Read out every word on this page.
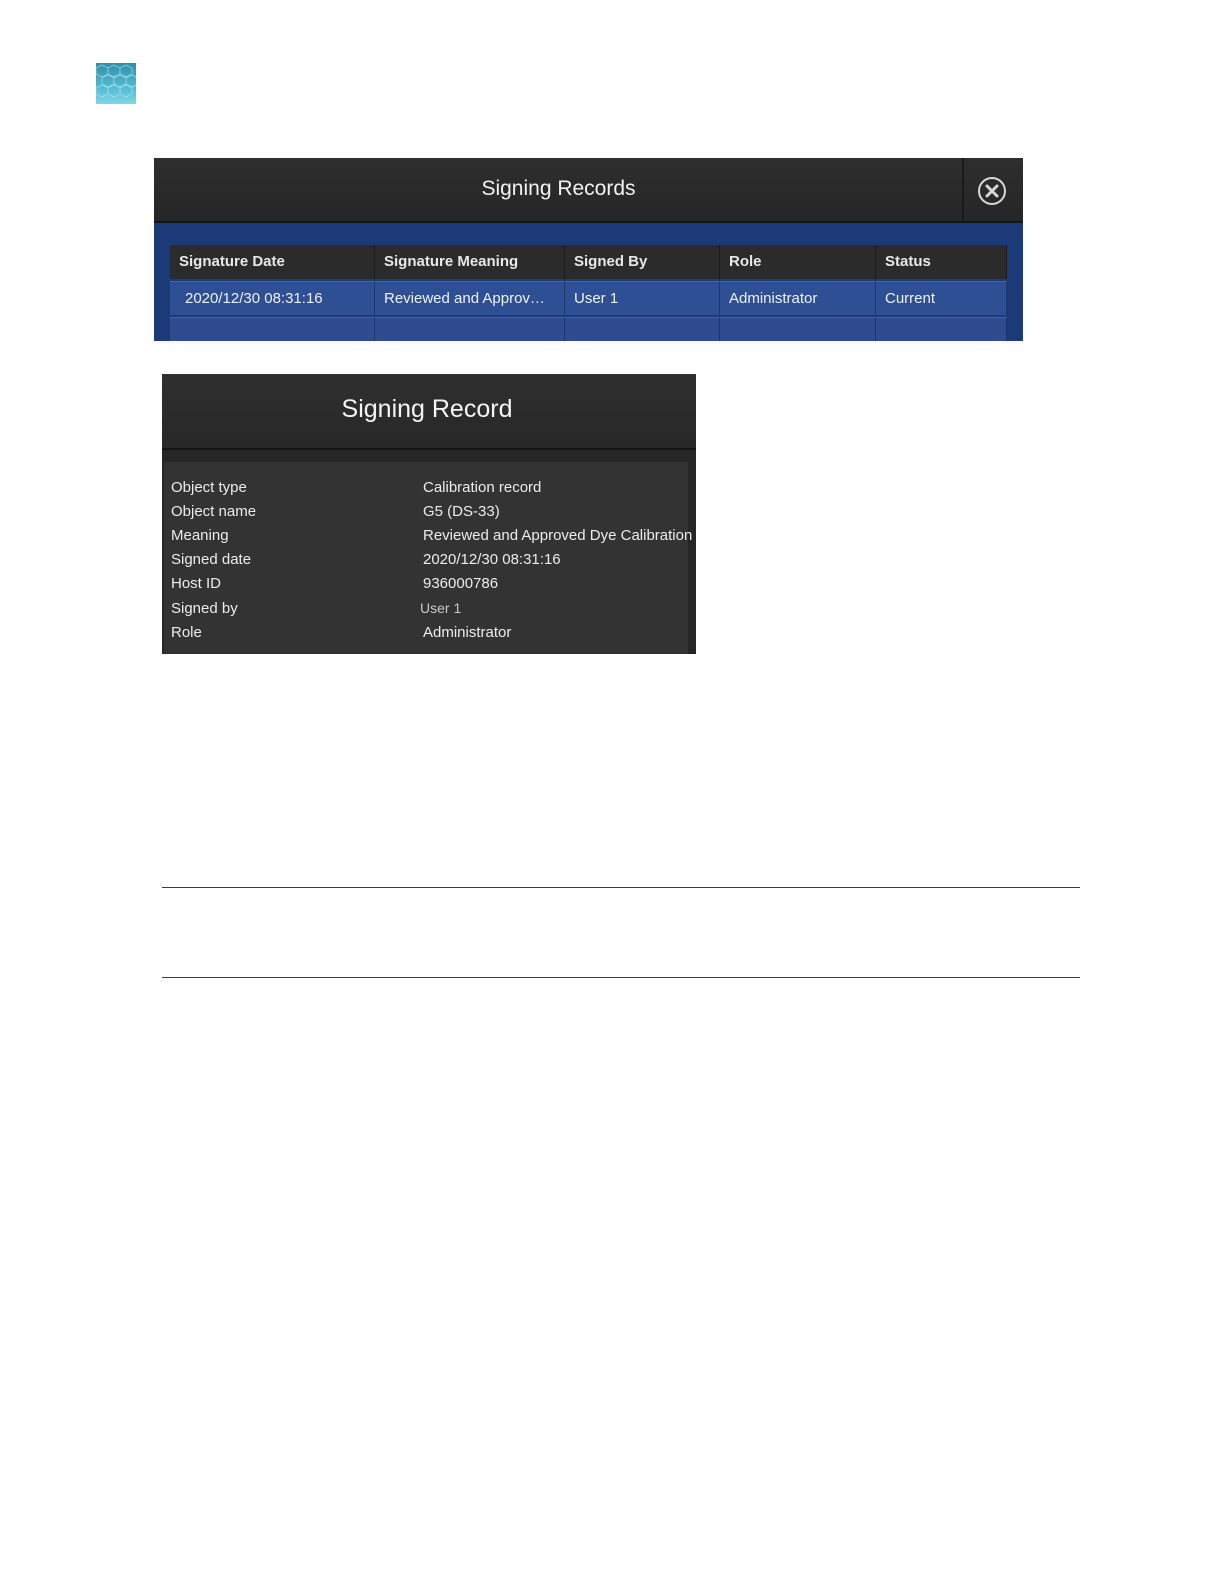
Signing Records
Signature Date	Signature Meaning	Signed By	Role	Status
2020/12/30 08:31:16	Reviewed and Approv…	User 1	Administrator	Current
Signing Record
Object type	Calibration record
Object name	G5 (DS-33)
Meaning	Reviewed and Approved Dye Calibration
Signed date	2020/12/30 08:31:16
Host ID	936000786
Signed by	User 1
Role	Administrator
